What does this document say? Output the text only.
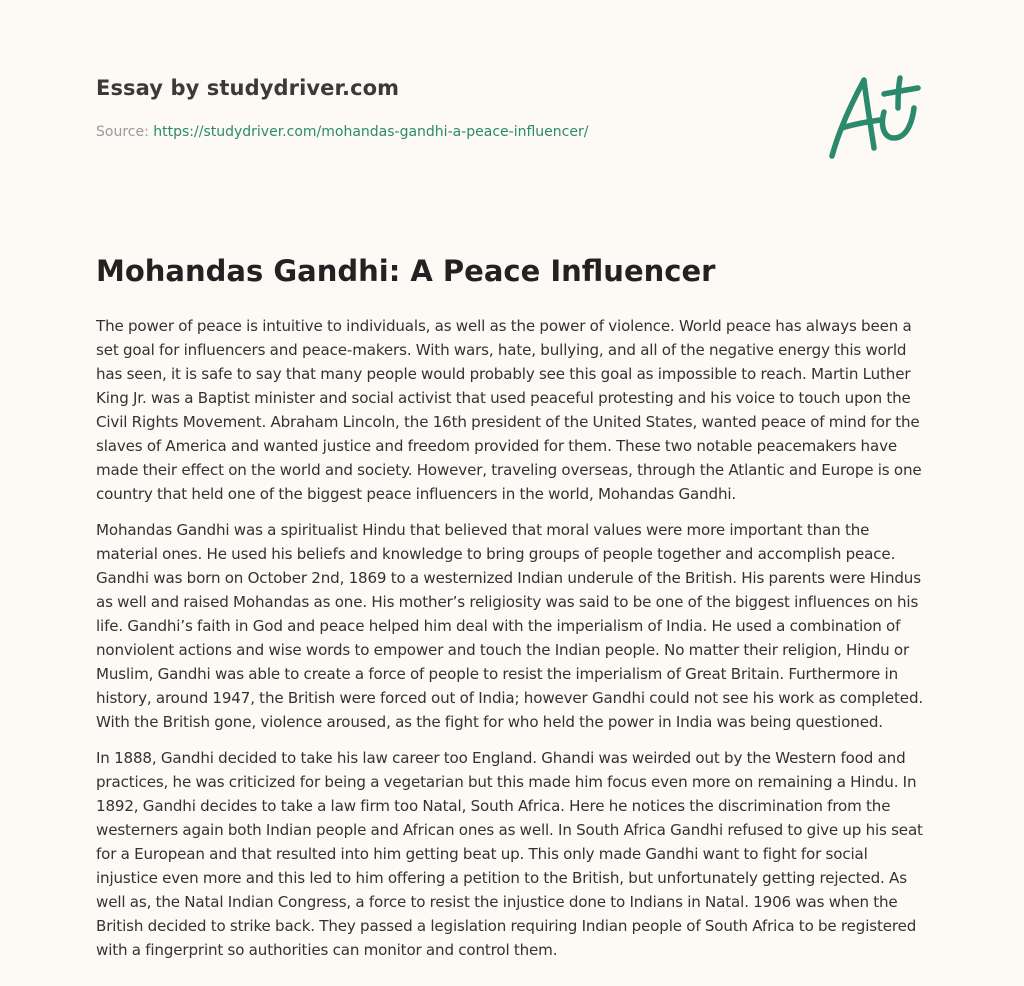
Essay by studydriver.com
Source: https://studydriver.com/mohandas-gandhi-a-peace-influencer/
Mohandas Gandhi: A Peace Influencer

The power of peace is intuitive to individuals, as well as the power of violence. World peace has always been a set goal for influencers and peace-makers. With wars, hate, bullying, and all of the negative energy this world has seen, it is safe to say that many people would probably see this goal as impossible to reach. Martin Luther King Jr. was a Baptist minister and social activist that used peaceful protesting and his voice to touch upon the Civil Rights Movement. Abraham Lincoln, the 16th president of the United States, wanted peace of mind for the slaves of America and wanted justice and freedom provided for them. These two notable peacemakers have made their effect on the world and society. However, traveling overseas, through the Atlantic and Europe is one country that held one of the biggest peace influencers in the world, Mohandas Gandhi.

Mohandas Gandhi was a spiritualist Hindu that believed that moral values were more important than the material ones. He used his beliefs and knowledge to bring groups of people together and accomplish peace. Gandhi was born on October 2nd, 1869 to a westernized Indian underule of the British. His parents were Hindus as well and raised Mohandas as one. His mother’s religiosity was said to be one of the biggest influences on his life. Gandhi’s faith in God and peace helped him deal with the imperialism of India. He used a combination of nonviolent actions and wise words to empower and touch the Indian people. No matter their religion, Hindu or Muslim, Gandhi was able to create a force of people to resist the imperialism of Great Britain. Furthermore in history, around 1947, the British were forced out of India; however Gandhi could not see his work as completed. With the British gone, violence aroused, as the fight for who held the power in India was being questioned.

In 1888, Gandhi decided to take his law career too England. Ghandi was weirded out by the Western food and practices, he was criticized for being a vegetarian but this made him focus even more on remaining a Hindu. In 1892, Gandhi decides to take a law firm too Natal, South Africa. Here he notices the discrimination from the westerners again both Indian people and African ones as well. In South Africa Gandhi refused to give up his seat for a European and that resulted into him getting beat up. This only made Gandhi want to fight for social injustice even more and this led to him offering a petition to the British, but unfortunately getting rejected. As well as, the Natal Indian Congress, a force to resist the injustice done to Indians in Natal. 1906 was when the British decided to strike back. They passed a legislation requiring Indian people of South Africa to be registered with a fingerprint so authorities can monitor and control them.
